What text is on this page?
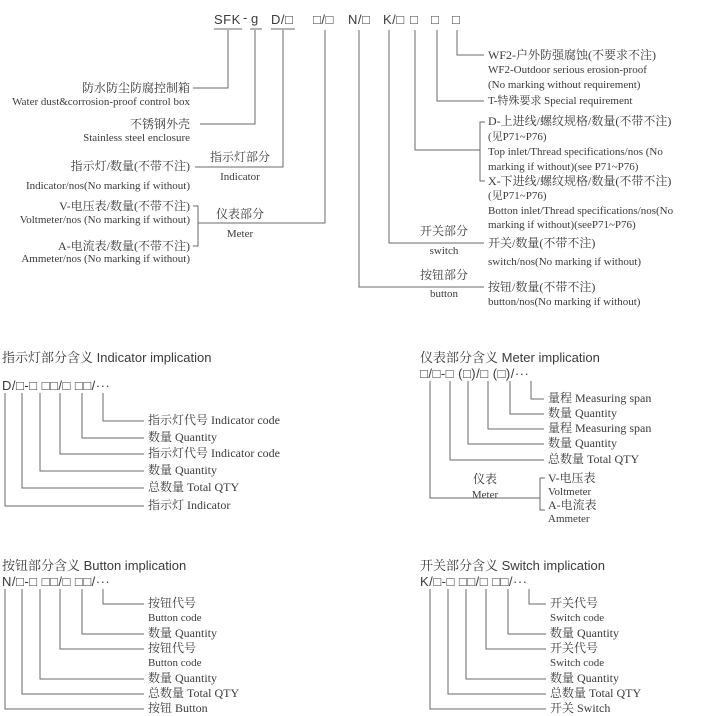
SFK - g D/□ □/□ N/□ K/□ □ □ □
防水防尘防腐控制箱
Water dust&corrosion-proof control box
不锈钢外壳
Stainless steel enclosure
指示灯/数量(不带不注)
Indicator/nos(No marking if without)
V-电压表/数量(不带不注)
Voltmeter/nos (No marking if without)
A-电流表/数量(不带不注)
Ammeter/nos (No marking if without)
指示灯部分
Indicator
仪表部分
Meter
WF2-户外防强腐蚀(不要求不注)
WF2-Outdoor serious erosion-proof
(No marking without requirement)
T-特殊要求 Special requirement
D-上进线/螺纹规格/数量(不带不注)
(见P71~P76)
Top inlet/Thread specifications/nos (No
marking if without)(see P71~P76)
X-下进线/螺纹规格/数量(不带不注)
(见P71~P76)
Botton inlet/Thread specifications/nos(No
marking if without)(seeP71~P76)
开关部分
switch
开关/数量(不带不注)
switch/nos(No marking if without)
按钮部分
button	按钮/数量(不带不注)
button/nos(No marking if without)
仪表
Meter
V-电压表
Voltmeter
A-电流表
Ammeter
指示灯部分含义 Indicator implication
D/□-□ □□/□ □□/···
指示灯代号 Indicator code
数量 Quantity
指示灯代号 Indicator code
数量 Quantity
总数量 Total QTY
指示灯 Indicator
仪表部分含义 Meter implication
□/□-□ (□)/□ (□)/···
量程 Measuring span
数量 Quantity
量程 Measuring span
数量 Quantity
总数量 Total QTY
按钮部分含义 Button implication
N/□-□ □□/□ □□/···
按钮代号
Button code
数量 Quantity
按钮代号
Button code
数量 Quantity
总数量 Total QTY
按钮 Button
开关部分含义 Switch implication
K/□-□ □□/□ □□/···
开关代号
Switch code
数量 Quantity
开关代号
Switch code
数量 Quantity
总数量 Total QTY
开关 Switch
